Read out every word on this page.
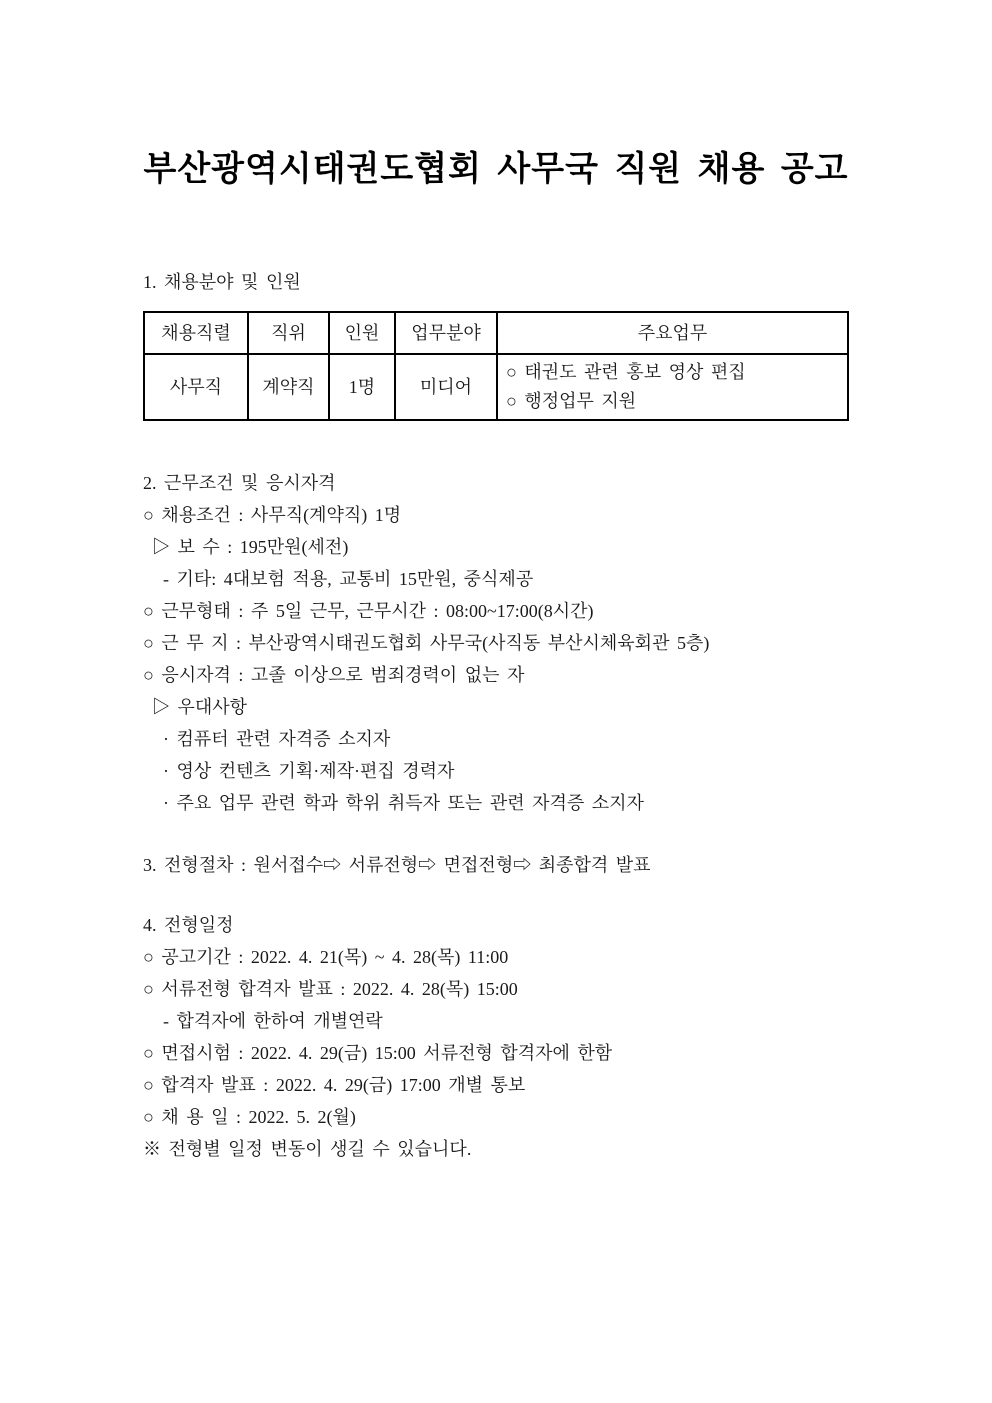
부산광역시태권도협회 사무국 직원 채용 공고
1. 채용분야 및 인원
채용직렬	직위	인원	업무분야	주요업무
사무직	계약직	1명	미디어	○ 태권도 관련 홍보 영상 편집
○ 행정업무 지원
2. 근무조건 및 응시자격
○ 채용조건 : 사무직(계약직) 1명
▷ 보 수 : 195만원(세전)
- 기타: 4대보험 적용, 교통비 15만원, 중식제공
○ 근무형태 : 주 5일 근무, 근무시간 : 08:00~17:00(8시간)
○ 근 무 지 : 부산광역시태권도협회 사무국(사직동 부산시체육회관 5층)
○ 응시자격 : 고졸 이상으로 범죄경력이 없는 자
▷ 우대사항
· 컴퓨터 관련 자격증 소지자
· 영상 컨텐츠 기획·제작·편집 경력자
· 주요 업무 관련 학과 학위 취득자 또는 관련 자격증 소지자
3. 전형절차 : 원서접수⇨ 서류전형⇨ 면접전형⇨ 최종합격 발표
4. 전형일정
○ 공고기간 : 2022. 4. 21(목) ~ 4. 28(목) 11:00
○ 서류전형 합격자 발표 : 2022. 4. 28(목) 15:00
- 합격자에 한하여 개별연락
○ 면접시험 : 2022. 4. 29(금) 15:00 서류전형 합격자에 한함
○ 합격자 발표 : 2022. 4. 29(금) 17:00 개별 통보
○ 채 용 일 : 2022. 5. 2(월)
※ 전형별 일정 변동이 생길 수 있습니다.
